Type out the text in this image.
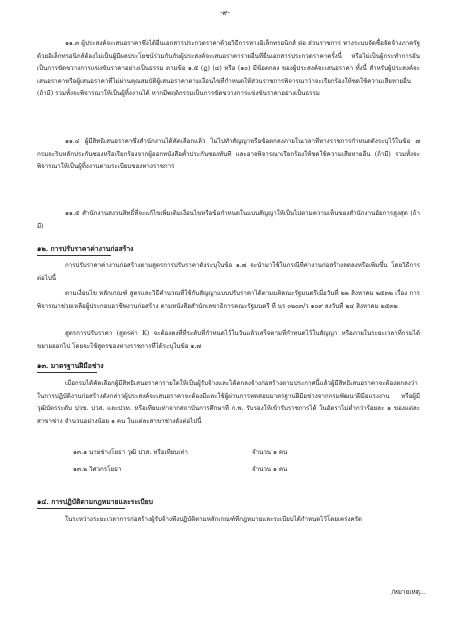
-๙-
๑๑.๓ ผู้ประสงค์จะเสนอราคาซึ่งได้ยื่นเอกสารประกวดราคาด้วยวิธีการทางอิเล็กทรอนิกส์ ต่อ ส่วนราชการ ทางระบบจัดซื้อจัดจ้างภาครัฐด้วยอิเล็กทรอนิกส์ต้องไม่เป็นผู้มีผลประโยชน์ร่วมกันกับผู้ประสงค์จะเสนอราคารายอื่นที่ยื่นเอกสารประกวดราคาครั้งนี้ หรือไม่เป็นผู้กระทำการอันเป็นการขัดขวางการแข่งขันราคาอย่างเป็นธรรม ตามข้อ ๑.๕ (ฏ) (๔) หรือ (๑๐) มีข้อตกลง ของผู้ประสงค์จะเสนอราคา ทั้งนี้ สำหรับผู้ประสงค์จะเสนอราคาหรือผู้เสนอราคาที่ไม่ผ่านคุณสมบัติผู้เสนอราคาตามเงื่อนไขที่กำหนดให้ส่วนราชการพิจารณาว่าจะเรียกร้องให้ชดใช้ความเสียหายอื่น (ถ้ามี) รวมทั้งจะพิจารณาให้เป็นผู้ทิ้งงานได้ หากมีพฤติกรรมเป็นการขัดขวางการแข่งขันราคาอย่างเป็นธรรม
๑๑.๔ ผู้มีสิทธิเสนอราคาซึ่งสำนักงานได้คัดเลือกแล้ว ไม่ไปทำสัญญาหรือข้อตกลงภายในเวลาที่ทางราชการกำหนดดังระบุไว้ในข้อ ๗ กรมจะริบหลักประกันซองหรือเรียกร้องจากผู้ออกหนังสือค้ำประกันซองทันที และอาจพิจารณาเรียกร้องให้ชดใช้ความเสียหายอื่น (ถ้ามี) รวมทั้งจะพิจารณาให้เป็นผู้ทิ้งงานตามระเบียบของทางราชการ
๑๑.๕ สำนักงานสงวนสิทธิ์ที่จะแก้ไขเพิ่มเติมเงื่อนไขหรือข้อกำหนดในแบบสัญญาให้เป็นไปตามความเห็นของสำนักงานอัยการสูงสุด (ถ้ามี)
๑๒. การปรับราคาค่างานก่อสร้าง
การปรับราคาค่างานก่อสร้างตามสูตรการปรับราคาดังระบุในข้อ ๑.๗ จะนำมาใช้ในกรณีที่ค่างานก่อสร้างลดลงหรือเพิ่มขึ้น โดยวิธีการต่อไปนี้
ตามเงื่อนไข หลักเกณฑ์ สูตรและวิธีคำนวณที่ใช้กับสัญญาแบบปรับราคาได้ตามมติคณะรัฐมนตรีเมื่อวันที่ ๒๒ สิงหาคม ๒๕๓๒ เรื่อง การพิจารณาช่วยเหลือผู้ประกอบอาชีพงานก่อสร้าง ตามหนังสือสำนักเลขาธิการคณะรัฐมนตรี ที่ นร ๐๒๐๓/ว ๑๐๙ ลงวันที่ ๒๔ สิงหาคม ๒๕๓๒
สูตรการปรับราคา (สูตรค่า K) จะต้องคงที่ที่ระดับที่กำหนดไว้ในวันแล้วเสร็จตามที่กำหนดไว้ในสัญญา หรือภายในระยะเวลาที่กรมได้ขยายออกไป โดยจะใช้สูตรของทางราชการที่ได้ระบุในข้อ ๑.๗
๑๓. มาตรฐานฝีมือช่าง
เมื่อกรมได้คัดเลือกผู้มีสิทธิเสนอราคารายใดให้เป็นผู้รับจ้างและได้ตกลงจ้างก่อสร้างตามประกาศนี้แล้วผู้มีสิทธิเสนอราคาจะต้องตกลงว่าในการปฏิบัติงานก่อสร้างดังกล่าวผู้ประสงค์จะเสนอราคาจะต้องมีและใช้ผู้ผ่านการทดสอบมาตรฐานฝีมือช่างจากกรมพัฒนาฝีมือแรงงาน หรือผู้มีวุฒิบัตรระดับ ปวช. ปวส. และปวท. หรือเทียบเท่าจากสถาบันการศึกษาที่ ก.พ. รับรองให้เข้ารับราชการได้ ในอัตราไม่ต่ำกว่าร้อยละ ๑ ของแต่ละสาขาช่าง จำนวนอย่างน้อย ๑ คน ในแต่ละสาขาช่างดังต่อไปนี้
๑๓.๑ นายช่างโยธา วุฒิ ปวส. หรือเทียบเท่า	จำนวน ๑ คน
๑๓.๒ วิศวกรโยธา	จำนวน ๑ คน
๑๔. การปฏิบัติตามกฎหมายและระเบียบ
ในระหว่างระยะเวลาการก่อสร้างผู้รับจ้างพึงปฏิบัติตามหลักเกณฑ์ที่กฎหมายและระเบียบได้กำหนดไว้โดยเคร่งครัด
/หมายเหตุ...
